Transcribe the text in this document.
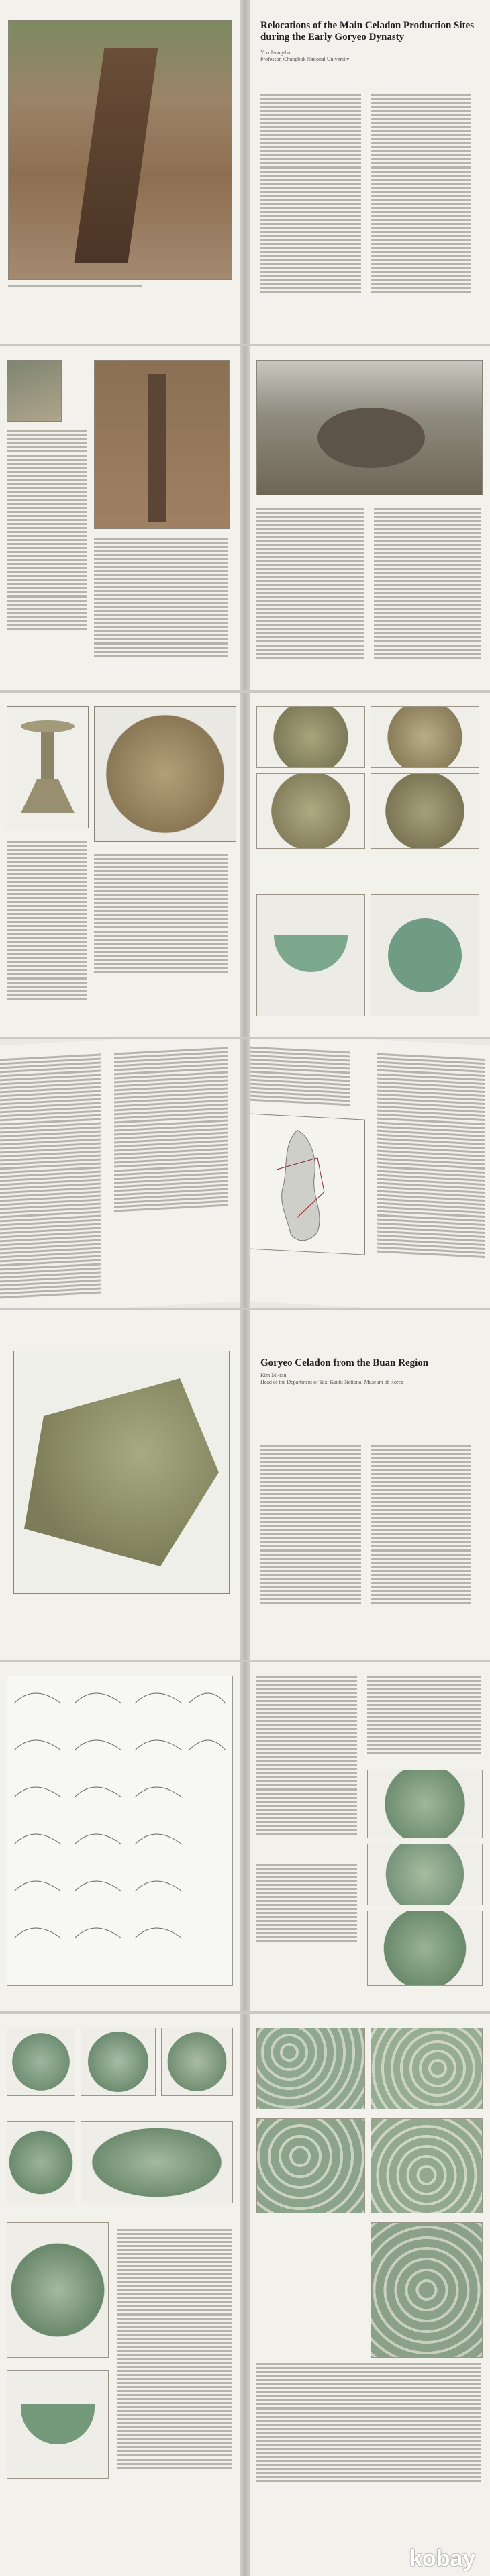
Relocations of the Main Celadon Production Sites during the Early Goryeo Dynasty
Yoo Jeong-ho
Professor, Chungbuk National University
Goryeo Celadon from the Buan Region
Kim Mi-ran
Head of the Department of Tax, Kanhi National Museum of Korea
kobay
